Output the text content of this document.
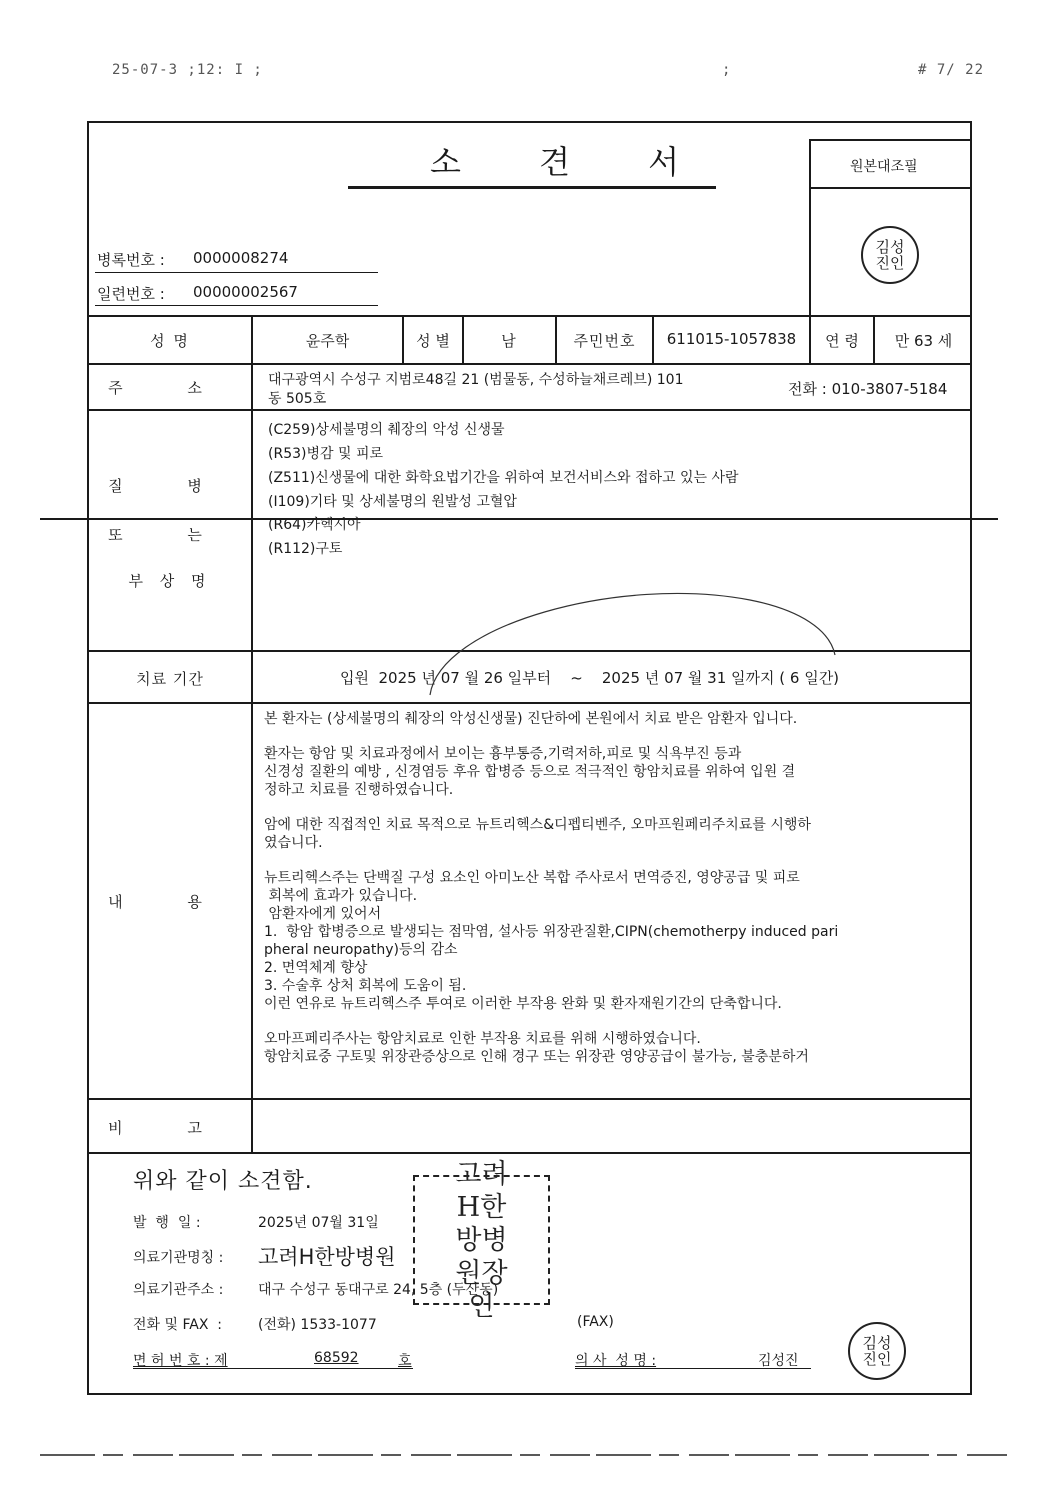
25-07-3 ;12: I ;	;	# 7/ 22
소 견 서	원본대조필
김성진인
병록번호 : 0000008274
일련번호 : 00000002567
성 명	윤주학	성 별	남	주민번호	611015-1057838	연 령	만 63 세
주 소	대구광역시 수성구 지범로48길 21 (범물동, 수성하늘채르레브) 101
동 505호
전화 : 010-3807-5184
질 병
또 는
부 상 명
(C259)상세불명의 췌장의 악성 신생물
(R53)병감 및 피로
(Z511)신생물에 대한 화학요법기간을 위하여 보건서비스와 접하고 있는 사람
(I109)기타 및 상세불명의 원발성 고혈압
(R64)카헥시아
(R112)구토
치료 기간	입원  2025 년 07 월 26 일부터    ~    2025 년 07 월 31 일까지 ( 6 일간)
내 용

본 환자는 (상세불명의 췌장의 악성신생물) 진단하에 본원에서 치료 받은 암환자 입니다.

환자는 항암 및 치료과정에서 보이는 흉부통증,기력저하,피로 및 식욕부진 등과

신경성 질환의 예방 , 신경염등 후유 합병증 등으로 적극적인 항암치료를 위하여 입원 결

정하고 치료를 진행하였습니다.

암에 대한 직접적인 치료 목적으로 뉴트리헥스&디펩티벤주, 오마프원페리주치료를 시행하

였습니다.

뉴트리헥스주는 단백질 구성 요소인 아미노산 복합 주사로서 면역증진, 영양공급 및 피로

회복에 효과가 있습니다.

암환자에게 있어서

1.  항암 합병증으로 발생되는 점막염, 설사등 위장관질환,CIPN(chemotherpy induced pari

pheral neuropathy)등의 감소

2. 면역체계 향상

3. 수술후 상처 회복에 도움이 됨.

이런 연유로 뉴트리헥스주 투여로 이러한 부작용 완화 및 환자재원기간의 단축합니다.

오마프페리주사는 항암치료로 인한 부작용 치료를 위해 시행하였습니다.

항암치료중 구토및 위장관증상으로 인해 경구 또는 위장관 영양공급이 불가능, 불충분하거

비 고
위와 같이 소견함.
발  행  일 :	2025년 07월 31일
의료기관명칭 : 고려H한방병원
의료기관주소 : 대구 수성구 동대구로 24, 5층 (두산동)
전화 및 FAX  :	(전화) 1533-1077	(FAX)
면 허 번 호 : 제	68592	호	의 사  성 명 :	김성진
김성진인
고려H한방병원장인
